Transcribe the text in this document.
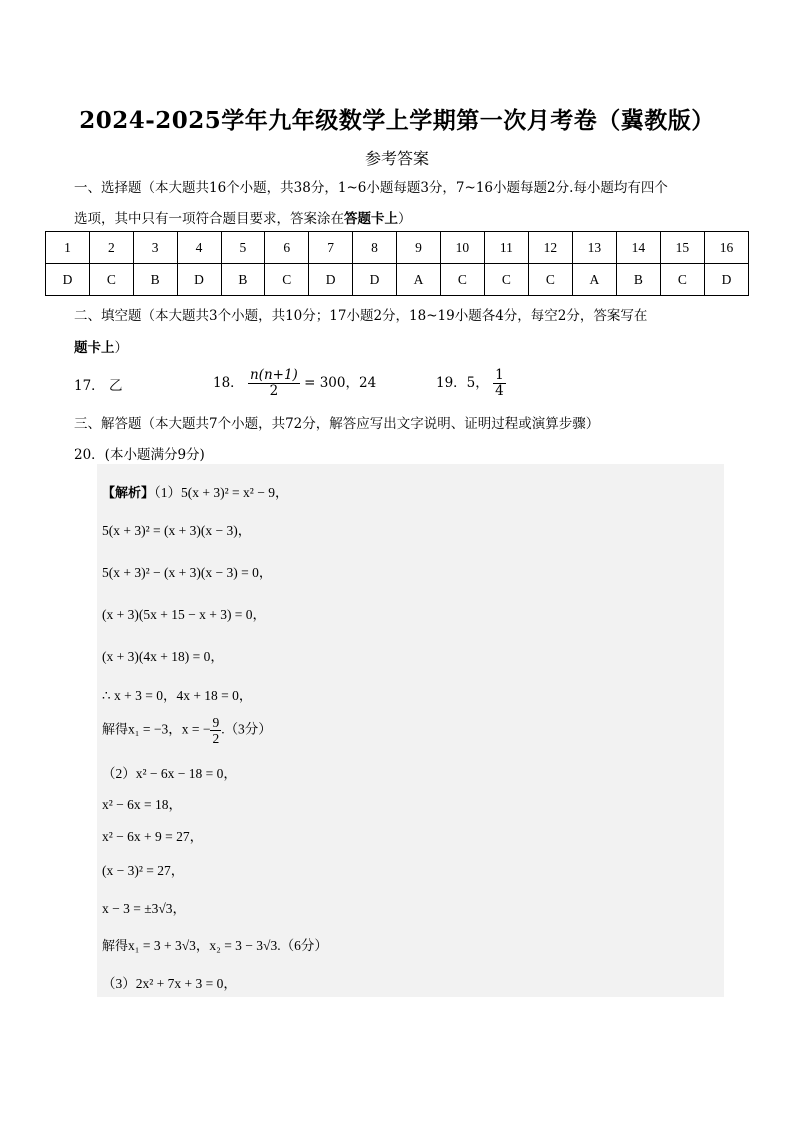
2024-2025学年九年级数学上学期第一次月考卷（冀教版）
参考答案
一、选择题（本大题共16个小题，共38分，1~6小题每题3分，7~16小题每题2分.每小题均有四个
选项，其中只有一项符合题目要求，答案涂在答题卡上）
1	2	3	4	5	6	7	8	9	10	11	12	13	14	15	16
D	C	B	D	B	C	D	D	A	C	C	C	A	B	C	D
二、填空题（本大题共3个小题，共10分；17小题2分，18~19小题各4分，每空2分，答案写在
题卡上）
17． 乙	18． $\frac{n(n+1)}{2} = 300$，24	19．5， $\frac{1}{4}$
三、解答题（本大题共7个小题，共72分，解答应写出文字说明、证明过程或演算步骤）
20．(本小题满分9分)
【解析】（1）5(x + 3)² = x² − 9，
5(x + 3)² = (x + 3)(x − 3)，
5(x + 3)² − (x + 3)(x − 3) = 0，
(x + 3)(5x + 15 − x + 3) = 0，
(x + 3)(4x + 18) = 0，
∴ x + 3 = 0，4x + 18 = 0，
解得x₁ = −3，x = − $\frac{9}{2} .(3$分）
（2）x² − 6x − 18 = 0，
x² − 6x = 18，
x² − 6x + 9 = 27，
(x − 3)² = 27，
x − 3 = ±3√3，
解得x₁ = 3 + 3√3，x₂ = 3 − 3√3.（6分）
（3）2x² + 7x + 3 = 0，
